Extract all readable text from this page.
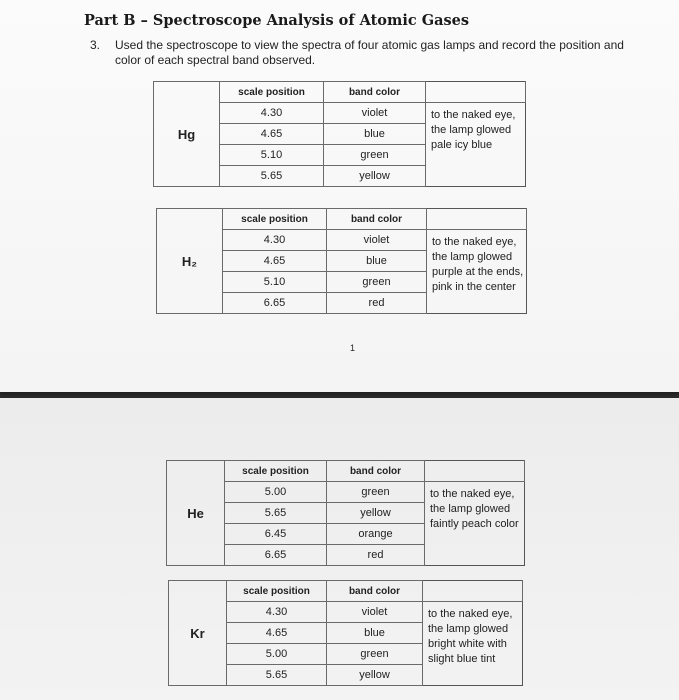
Part B – Spectroscope Analysis of Atomic Gases
3. Used the spectroscope to view the spectra of four atomic gas lamps and record the position and color of each spectral band observed.
Hg	scale position	band color	
	4.30	violet	to the naked eye, the lamp glowed pale icy blue
	4.65	blue	
	5.10	green	
	5.65	yellow	
H₂	scale position	band color	
	4.30	violet	to the naked eye, the lamp glowed purple at the ends, pink in the center
	4.65	blue	
	5.10	green	
	6.65	red	
1
He	scale position	band color	
	5.00	green	to the naked eye, the lamp glowed faintly peach color
	5.65	yellow	
	6.45	orange	
	6.65	red	
Kr	scale position	band color	
	4.30	violet	to the naked eye, the lamp glowed bright white with slight blue tint
	4.65	blue	
	5.00	green	
	5.65	yellow	
